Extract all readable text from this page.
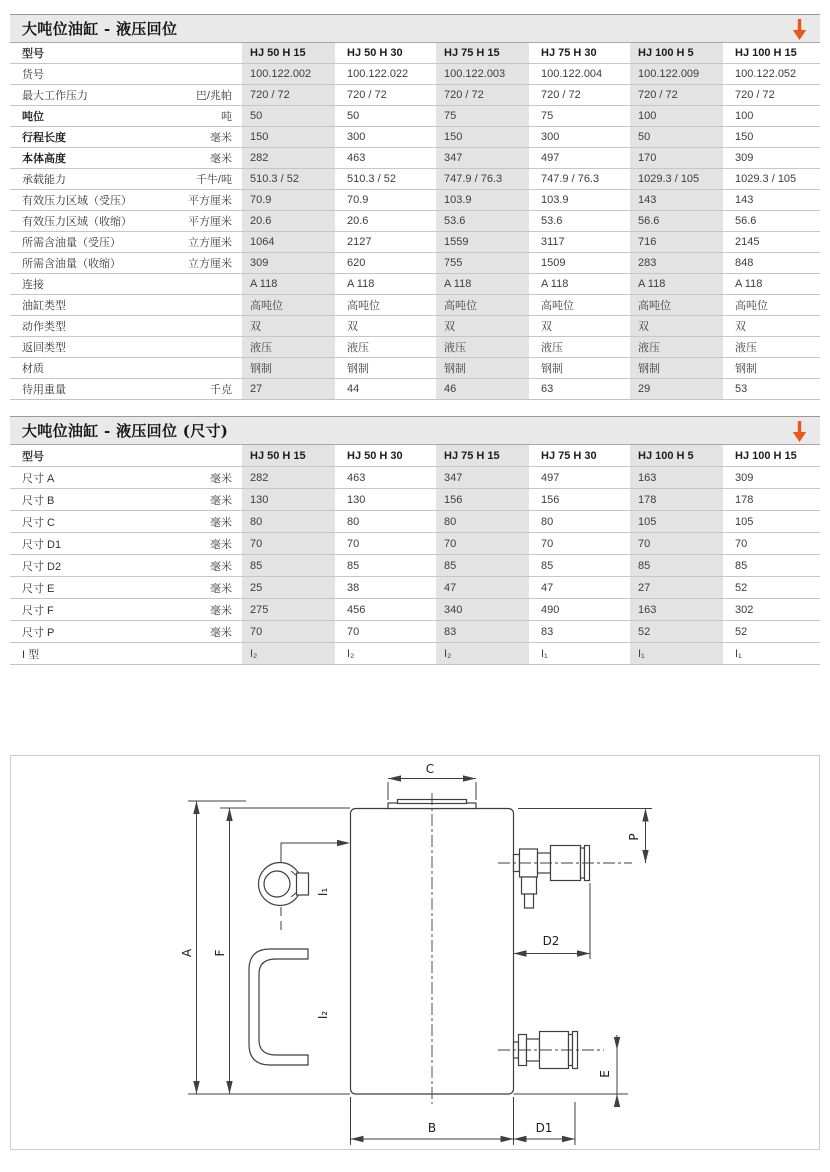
大吨位油缸 - 液压回位
型号	HJ 50 H 15	HJ 50 H 30	HJ 75 H 15	HJ 75 H 30	HJ 100 H 5	HJ 100 H 15
货号	100.122.002	100.122.022	100.122.003	100.122.004	100.122.009	100.122.052
最大工作压力	巴/兆帕	720 / 72	720 / 72	720 / 72	720 / 72	720 / 72	720 / 72
吨位	吨	50	50	75	75	100	100
行程长度	毫米	150	300	150	300	50	150
本体高度	毫米	282	463	347	497	170	309
承载能力	千牛/吨	510.3 / 52	510.3 / 52	747.9 / 76.3	747.9 / 76.3	1029.3 / 105	1029.3 / 105
有效压力区域（受压）	平方厘米	70.9	70.9	103.9	103.9	143	143
有效压力区域（收缩）	平方厘米	20.6	20.6	53.6	53.6	56.6	56.6
所需含油量（受压）	立方厘米	1064	2127	1559	3117	716	2145
所需含油量（收缩）	立方厘米	309	620	755	1509	283	848
连接	A 118	A 118	A 118	A 118	A 118	A 118
油缸类型	高吨位	高吨位	高吨位	高吨位	高吨位	高吨位
动作类型	双	双	双	双	双	双
返回类型	液压	液压	液压	液压	液压	液压
材质	钢制	钢制	钢制	钢制	钢制	钢制
待用重量	千克	27	44	46	63	29	53
大吨位油缸 - 液压回位 (尺寸)
型号	HJ 50 H 15	HJ 50 H 30	HJ 75 H 15	HJ 75 H 30	HJ 100 H 5	HJ 100 H 15
尺寸 A	毫米	282	463	347	497	163	309
尺寸 B	毫米	130	130	156	156	178	178
尺寸 C	毫米	80	80	80	80	105	105
尺寸 D1	毫米	70	70	70	70	70	70
尺寸 D2	毫米	85	85	85	85	85	85
尺寸 E	毫米	25	38	47	47	27	52
尺寸 F	毫米	275	456	340	490	163	302
尺寸 P	毫米	70	70	83	83	52	52
I 型	I₂	I₂	I₂	I₁	I₁	I₁
C
A F
I₁
I₂
P
D2
E
B	D1
